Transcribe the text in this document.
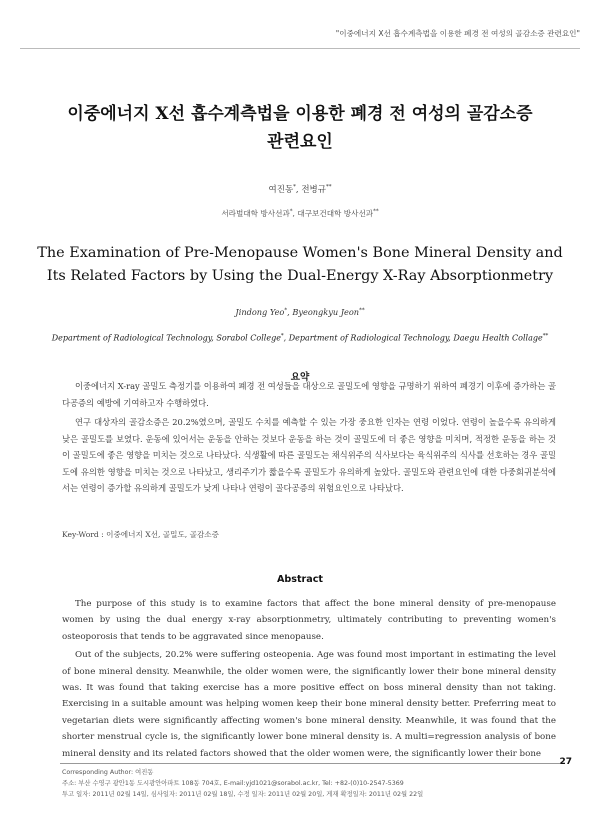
"이중에너지 X선 흡수계측법을 이용한 폐경 전 여성의 골감소증 관련요인"
이중에너지 X선 흡수계측법을 이용한 폐경 전 여성의 골감소증
관련요인
여진동*, 전병규**
서라벌대학 방사선과*, 대구보건대학 방사선과**
The Examination of Pre-Menopause Women's Bone Mineral Density and
Its Related Factors by Using the Dual-Energy X-Ray Absorptionmetry
Jindong Yeo*, Byeongkyu Jeon**
Department of Radiological Technology, Sorabol College*, Department of Radiological Technology, Daegu Health Collage**
요약

이중에너지 X-ray 골밀도 측정기를 이용하여 폐경 전 여성들을 대상으로 골밀도에 영향을 규명하기 위하여 폐경기 이후에 증가하는 골다공증의 예방에 기여하고자 수행하였다.

연구 대상자의 골감소증은 20.2%였으며, 골밀도 수치를 예측할 수 있는 가장 중요한 인자는 연령 이었다. 연령이 높을수록 유의하게 낮은 골밀도를 보였다. 운동에 있어서는 운동을 안하는 것보다 운동을 하는 것이 골밀도에 더 좋은 영향을 미치며, 적정한 운동을 하는 것이 골밀도에 좋은 영향을 미치는 것으로 나타났다. 식생활에 따른 골밀도는 채식위주의 식사보다는 육식위주의 식사를 선호하는 경우 골밀도에 유의한 영향을 미치는 것으로 나타났고, 생리주기가 짧을수록 골밀도가 유의하게 높았다. 골밀도와 관련요인에 대한 다중회귀분석에서는 연령이 증가할 유의하게 골밀도가 낮게 나타나 연령이 골다공증의 위험요인으로 나타났다.

Key-Word : 이중에너지 X선, 골밀도, 골감소증
Abstract

The purpose of this study is to examine factors that affect the bone mineral density of pre-menopause women by using the dual energy x-ray absorptionmetry, ultimately contributing to preventing women's osteoporosis that tends to be aggravated since menopause.

Out of the subjects, 20.2% were suffering osteopenia. Age was found most important in estimating the level of bone mineral density. Meanwhile, the older women were, the significantly lower their bone mineral density was. It was found that taking exercise has a more positive effect on boss mineral density than not taking. Exercising in a suitable amount was helping women keep their bone mineral density better. Preferring meat to vegetarian diets were significantly affecting women's bone mineral density. Meanwhile, it was found that the shorter menstrual cycle is, the significantly lower bone mineral density is. A multi=regression analysis of bone mineral density and its related factors showed that the older women were, the significantly lower their bone

27
Corresponding Author: 여진동
주소: 부산 수영구 광안1동 도시광안아파트 108동 704호, E-mail:yjd1021@sorabol.ac.kr, Tel: +82-(0)10-2547-5369
투고 일자: 2011년 02월 14일, 심사일자: 2011년 02월 18일, 수정 일자: 2011년 02월 20일, 게재 확정일자: 2011년 02월 22일
